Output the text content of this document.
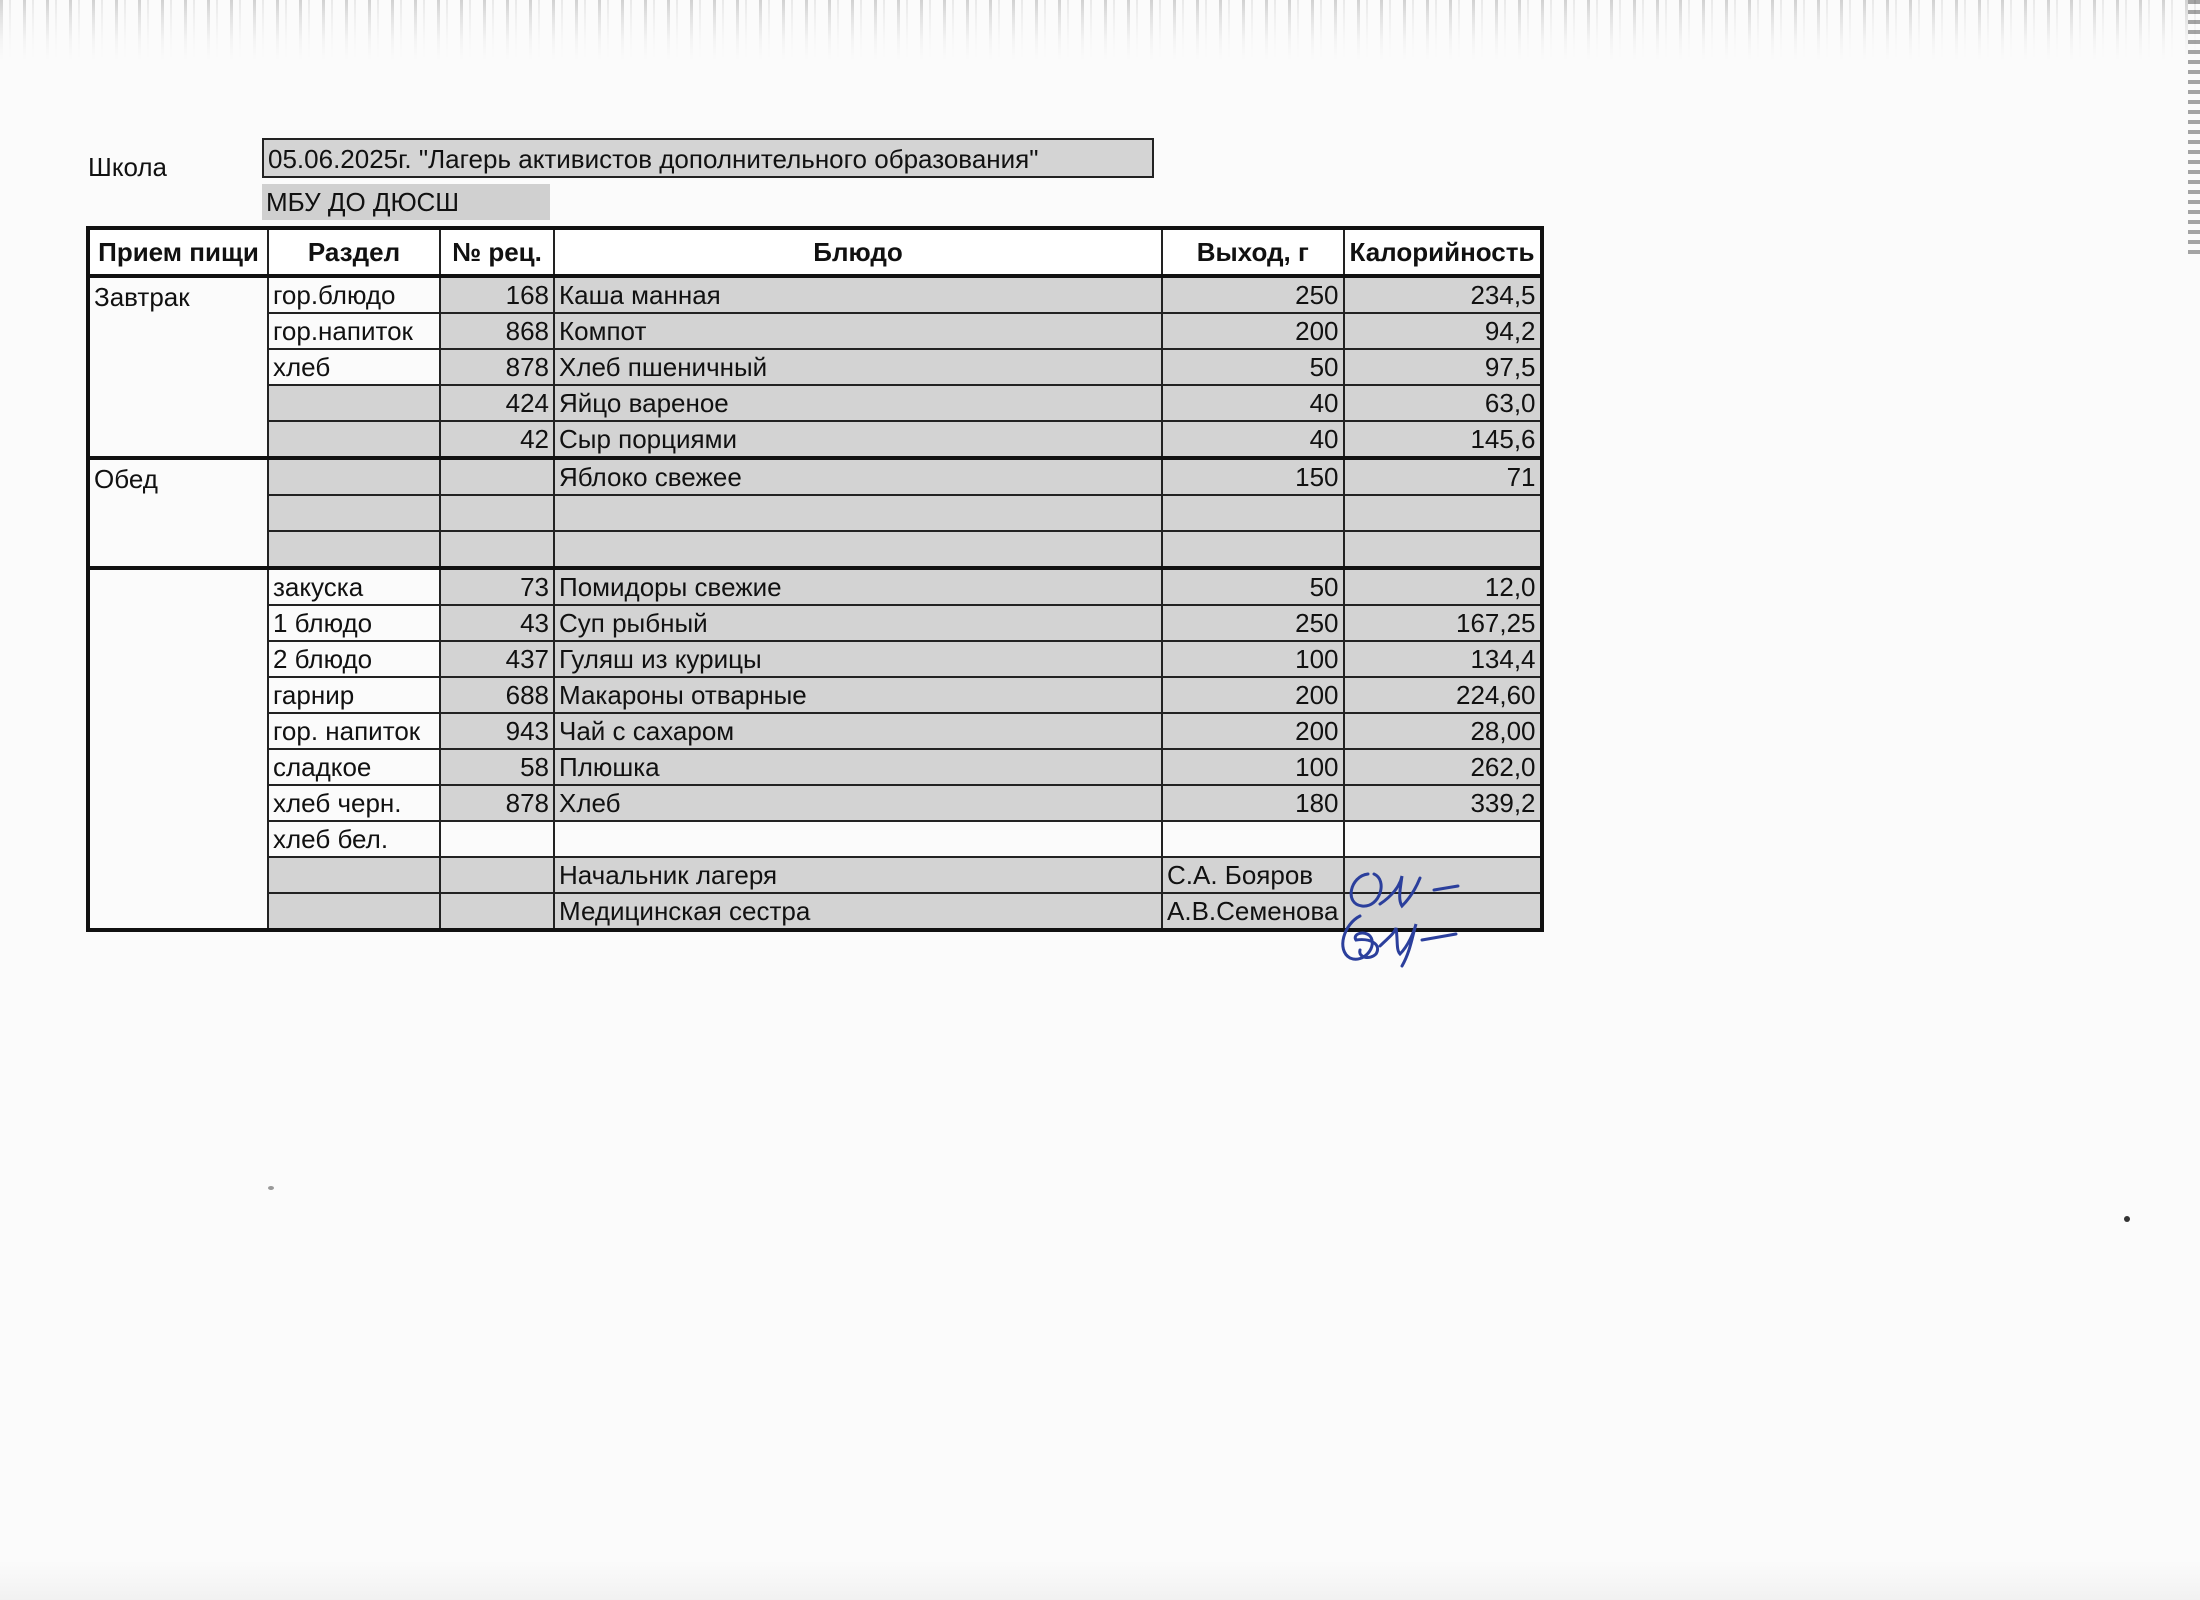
Школа	05.06.2025г. "Лагерь активистов дополнительного образования"
МБУ ДО ДЮСШ
Прием пищи	Раздел	№ рец.	Блюдо	Выход, г	Калорийность
Завтрак	гор.блюдо	168	Каша манная	250	234,5
	гор.напиток	868	Компот	200	94,2
	хлеб	878	Хлеб пшеничный	50	97,5
		424	Яйцо вареное	40	63,0
		42	Сыр порциями	40	145,6
Обед			Яблоко свежее	150	71

	закуска	73	Помидоры свежие	50	12,0
	1 блюдо	43	Суп рыбный	250	167,25
	2 блюдо	437	Гуляш из курицы	100	134,4
	гарнир	688	Макароны отварные	200	224,60
	гор. напиток	943	Чай с сахаром	200	28,00
	сладкое	58	Плюшка	100	262,0
	хлеб черн.	878	Хлеб	180	339,2
	хлеб бел.				
			Начальник лагеря	С.А. Бояров	
			Медицинская сестра	А.В.Семенова	
